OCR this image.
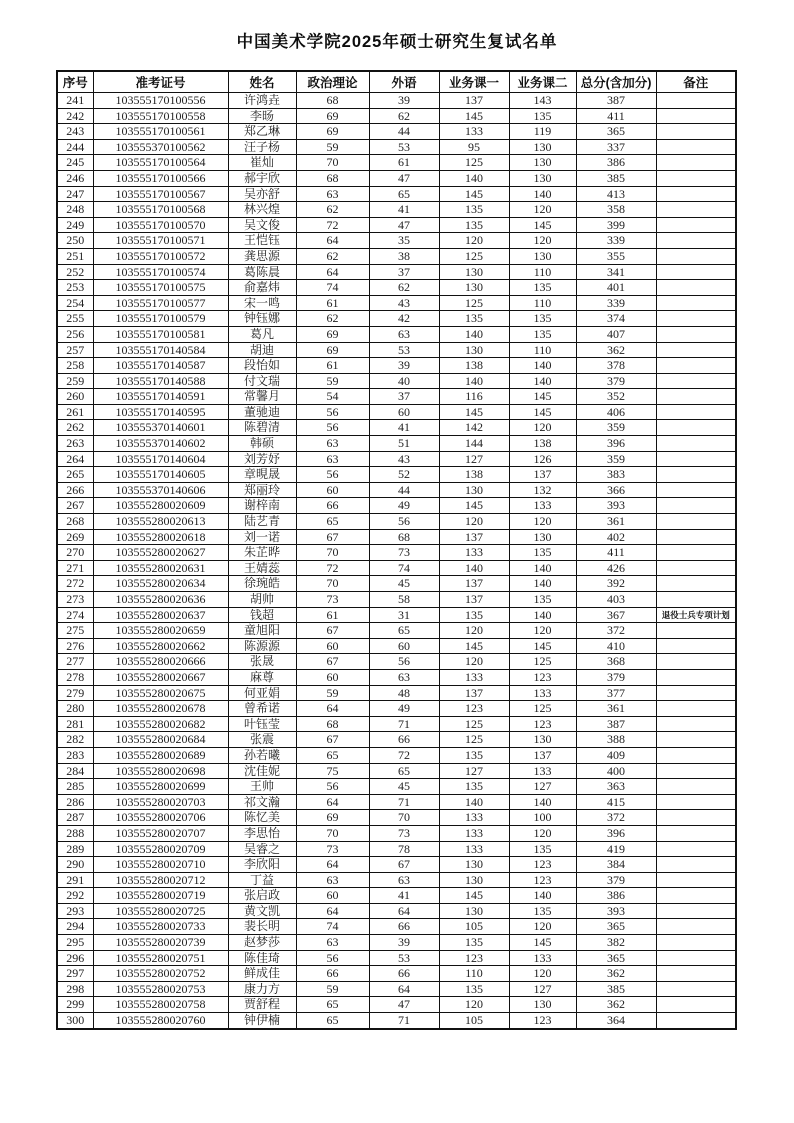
中国美术学院2025年硕士研究生复试名单
序号	准考证号	姓名	政治理论	外语	业务课一	业务课二	总分(含加分)	备注
241	103555170100556	许鸿垚	68	39	137	143	387	
242	103555170100558	李旸	69	62	145	135	411	
243	103555170100561	郑乙琳	69	44	133	119	365	
244	103555370100562	汪子杨	59	53	95	130	337	
245	103555170100564	崔灿	70	61	125	130	386	
246	103555170100566	郝宇欣	68	47	140	130	385	
247	103555170100567	吴亦舒	63	65	145	140	413	
248	103555170100568	林兴煌	62	41	135	120	358	
249	103555170100570	吴文俊	72	47	135	145	399	
250	103555170100571	王恺钰	64	35	120	120	339	
251	103555170100572	龚思源	62	38	125	130	355	
252	103555170100574	葛陈晨	64	37	130	110	341	
253	103555170100575	俞嘉炜	74	62	130	135	401	
254	103555170100577	宋一鸣	61	43	125	110	339	
255	103555170100579	钟钰娜	62	42	135	135	374	
256	103555170100581	葛凡	69	63	140	135	407	
257	103555170140584	胡迪	69	53	130	110	362	
258	103555170140587	段怡如	61	39	138	140	378	
259	103555170140588	付文瑞	59	40	140	140	379	
260	103555170140591	常馨月	54	37	116	145	352	
261	103555170140595	董驰迪	56	60	145	145	406	
262	103555370140601	陈碧清	56	41	142	120	359	
263	103555370140602	韩硕	63	51	144	138	396	
264	103555170140604	刘芳妤	63	43	127	126	359	
265	103555170140605	章晛晟	56	52	138	137	383	
266	103555370140606	郑丽玲	60	44	130	132	366	
267	103555280020609	谢梓南	66	49	145	133	393	
268	103555280020613	陆艺青	65	56	120	120	361	
269	103555280020618	刘一诺	67	68	137	130	402	
270	103555280020627	朱芷晔	70	73	133	135	411	
271	103555280020631	王婧蕊	72	74	140	140	426	
272	103555280020634	徐琬皓	70	45	137	140	392	
273	103555280020636	胡帅	73	58	137	135	403	
274	103555280020637	钱超	61	31	135	140	367	退役士兵专项计划
275	103555280020659	童旭阳	67	65	120	120	372	
276	103555280020662	陈源源	60	60	145	145	410	
277	103555280020666	张晟	67	56	120	125	368	
278	103555280020667	麻尊	60	63	133	123	379	
279	103555280020675	何亚娟	59	48	137	133	377	
280	103555280020678	曾希诺	64	49	123	125	361	
281	103555280020682	叶钰莹	68	71	125	123	387	
282	103555280020684	张震	67	66	125	130	388	
283	103555280020689	孙若曦	65	72	135	137	409	
284	103555280020698	沈佳妮	75	65	127	133	400	
285	103555280020699	王帅	56	45	135	127	363	
286	103555280020703	祁文瀚	64	71	140	140	415	
287	103555280020706	陈忆美	69	70	133	100	372	
288	103555280020707	李思怡	70	73	133	120	396	
289	103555280020709	吴睿之	73	78	133	135	419	
290	103555280020710	李欣阳	64	67	130	123	384	
291	103555280020712	丁益	63	63	130	123	379	
292	103555280020719	张启政	60	41	145	140	386	
293	103555280020725	黄文凯	64	64	130	135	393	
294	103555280020733	裴长明	74	66	105	120	365	
295	103555280020739	赵梦莎	63	39	135	145	382	
296	103555280020751	陈佳琦	56	53	123	133	365	
297	103555280020752	鲜成佳	66	66	110	120	362	
298	103555280020753	康力方	59	64	135	127	385	
299	103555280020758	贾舒程	65	47	120	130	362	
300	103555280020760	钟伊楠	65	71	105	123	364	
